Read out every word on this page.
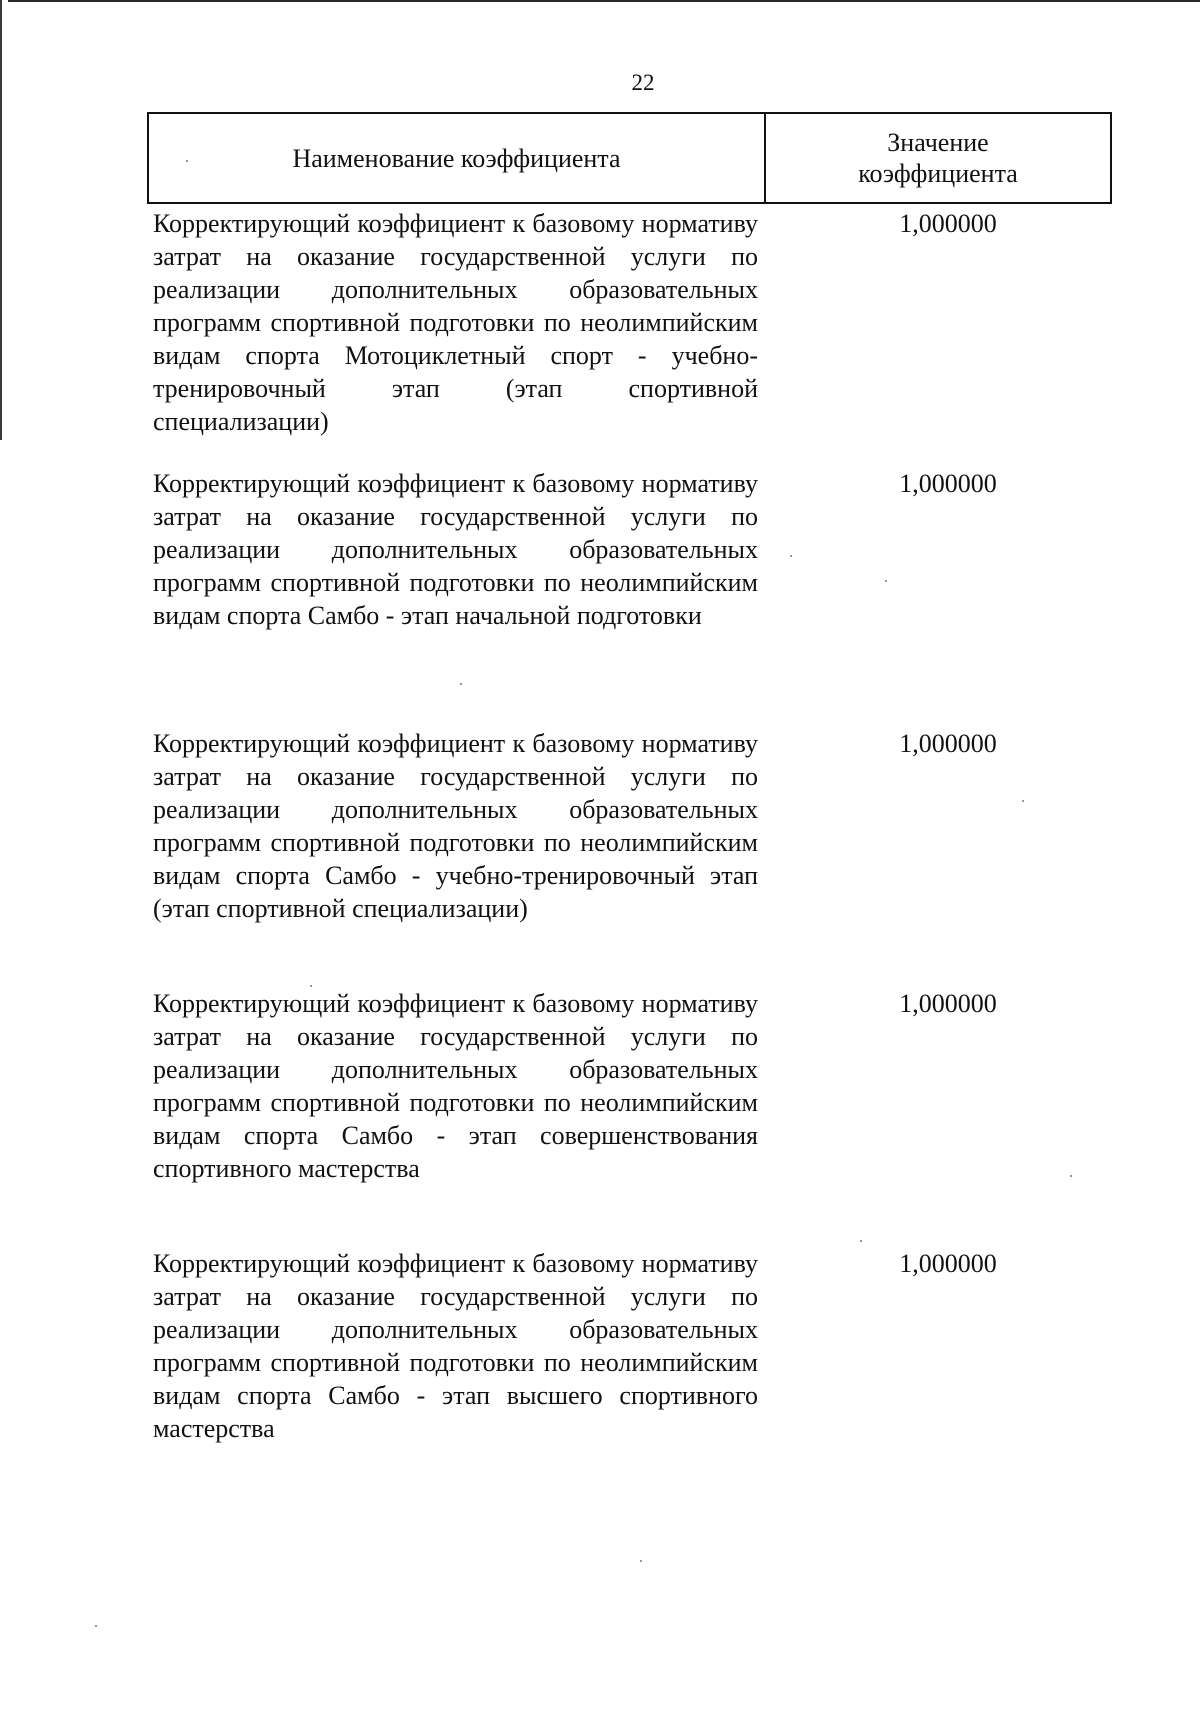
22
Наименование коэффициента
Значение коэффициента
Корректирующий коэффициент к базовому нормативу затрат на оказание государственной услуги по реализации дополнительных образовательных программ спортивной подготовки по неолимпийским видам спорта Мотоциклетный спорт - учебно-тренировочный этап (этап спортивной специализации)
1,000000
Корректирующий коэффициент к базовому нормативу затрат на оказание государственной услуги по реализации дополнительных образовательных программ спортивной подготовки по неолимпийским видам спорта Самбо - этап начальной подготовки
1,000000
Корректирующий коэффициент к базовому нормативу затрат на оказание государственной услуги по реализации дополнительных образовательных программ спортивной подготовки по неолимпийским видам спорта Самбо - учебно-тренировочный этап (этап спортивной специализации)
1,000000
Корректирующий коэффициент к базовому нормативу затрат на оказание государственной услуги по реализации дополнительных образовательных программ спортивной подготовки по неолимпийским видам спорта Самбо - этап совершенствования спортивного мастерства
1,000000
Корректирующий коэффициент к базовому нормативу затрат на оказание государственной услуги по реализации дополнительных образовательных программ спортивной подготовки по неолимпийским видам спорта Самбо - этап высшего спортивного мастерства
1,000000
